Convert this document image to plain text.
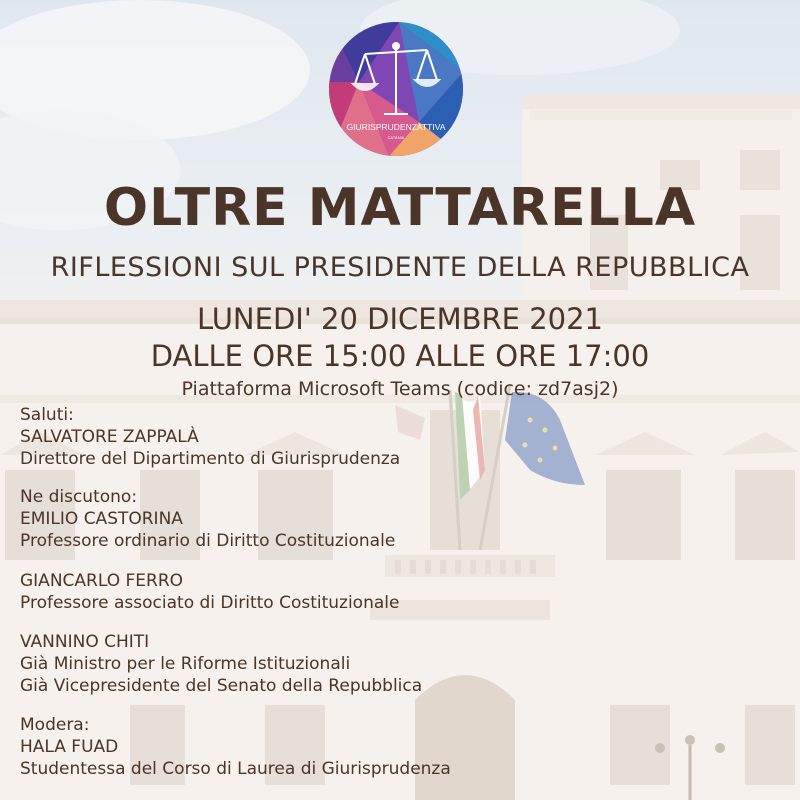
GIURISPRUDENZATTIVA
CATANIA
OLTRE MATTARELLA
RIFLESSIONI SUL PRESIDENTE DELLA REPUBBLICA
LUNEDI' 20 DICEMBRE 2021
DALLE ORE 15:00 ALLE ORE 17:00
Piattaforma Microsoft Teams (codice: zd7asj2)
Saluti:
SALVATORE ZAPPALÀ
Direttore del Dipartimento di Giurisprudenza
Ne discutono:
EMILIO CASTORINA
Professore ordinario di Diritto Costituzionale
GIANCARLO FERRO
Professore associato di Diritto Costituzionale
VANNINO CHITI
Già Ministro per le Riforme Istituzionali
Già Vicepresidente del Senato della Repubblica
Modera:
HALA FUAD
Studentessa del Corso di Laurea di Giurisprudenza
